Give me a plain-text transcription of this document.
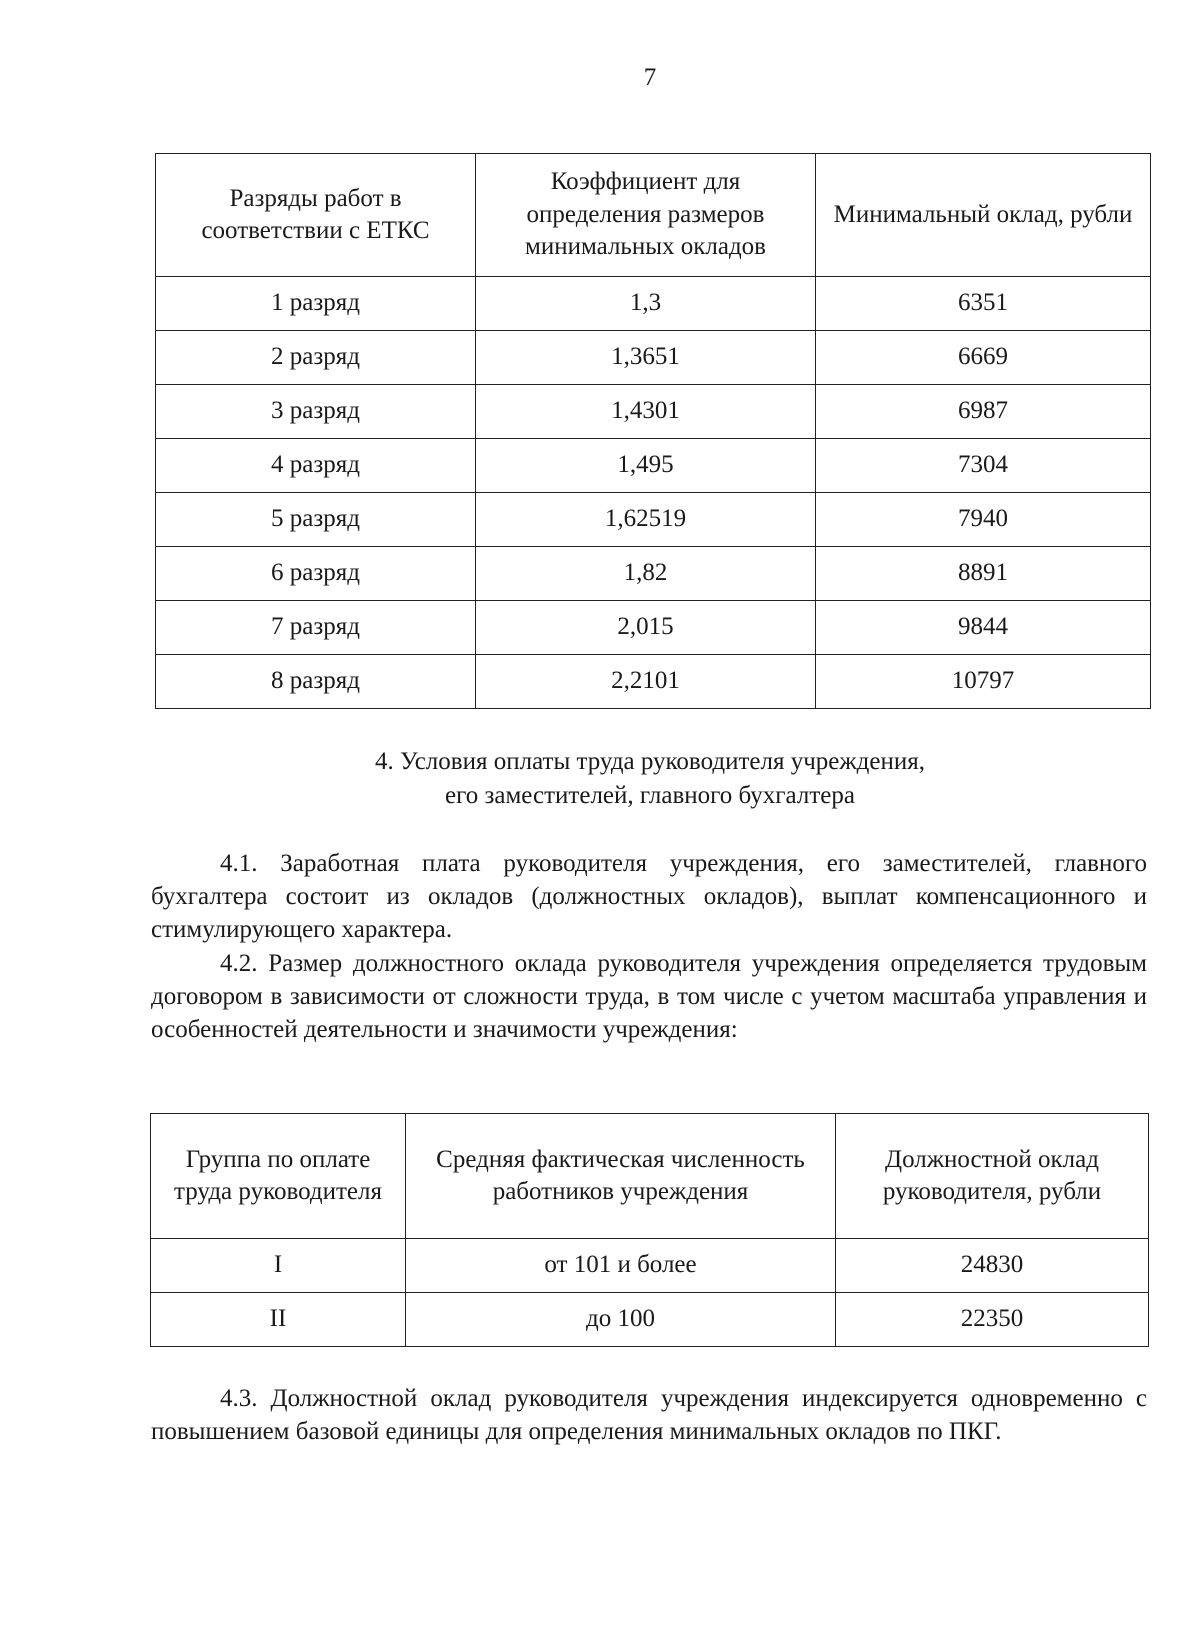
7
Разряды работ в соответствии с ЕТКС	Коэффициент для определения размеров минимальных окладов	Минимальный оклад, рубли
1 разряд	1,3	6351
2 разряд	1,3651	6669
3 разряд	1,4301	6987
4 разряд	1,495	7304
5 разряд	1,62519	7940
6 разряд	1,82	8891
7 разряд	2,015	9844
8 разряд	2,2101	10797
4. Условия оплаты труда руководителя учреждения,
его заместителей, главного бухгалтера

4.1. Заработная плата руководителя учреждения, его заместителей, главного бухгалтера состоит из окладов (должностных окладов), выплат компенсационного и стимулирующего характера.

4.2. Размер должностного оклада руководителя учреждения определяется трудовым договором в зависимости от сложности труда, в том числе с учетом масштаба управления и особенностей деятельности и значимости учреждения:

Группа по оплате труда руководителя	Средняя фактическая численность работников учреждения	Должностной оклад руководителя, рубли
I	от 101 и более	24830
II	до 100	22350

4.3. Должностной оклад руководителя учреждения индексируется одновременно с повышением базовой единицы для определения минимальных окладов по ПКГ.
